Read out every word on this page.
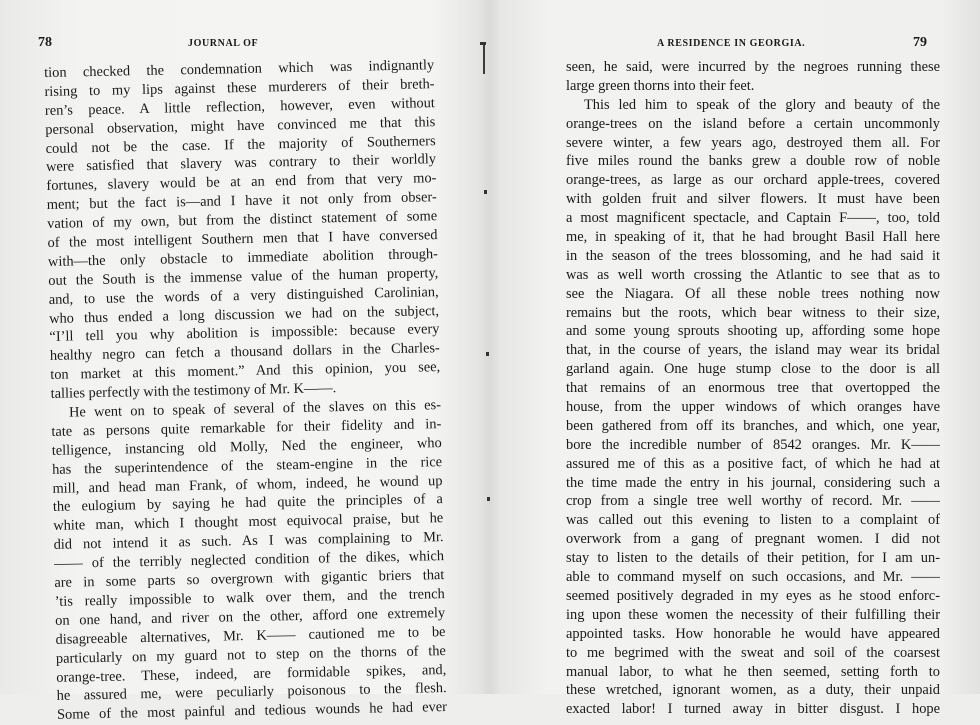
78	JOURNAL OF
tion checked the condemnation which was indignantly
rising to my lips against these murderers of their breth-
ren’s peace. A little reflection, however, even without
personal observation, might have convinced me that this
could not be the case. If the majority of Southerners
were satisfied that slavery was contrary to their worldly
fortunes, slavery would be at an end from that very mo-
ment; but the fact is—and I have it not only from obser-
vation of my own, but from the distinct statement of some
of the most intelligent Southern men that I have conversed
with—the only obstacle to immediate abolition through-
out the South is the immense value of the human property,
and, to use the words of a very distinguished Carolinian,
who thus ended a long discussion we had on the subject,
“I’ll tell you why abolition is impossible: because every
healthy negro can fetch a thousand dollars in the Charles-
ton market at this moment.” And this opinion, you see,
tallies perfectly with the testimony of Mr. K——.
He went on to speak of several of the slaves on this es-
tate as persons quite remarkable for their fidelity and in-
telligence, instancing old Molly, Ned the engineer, who
has the superintendence of the steam-engine in the rice
mill, and head man Frank, of whom, indeed, he wound up
the eulogium by saying he had quite the principles of a
white man, which I thought most equivocal praise, but he
did not intend it as such. As I was complaining to Mr.
—— of the terribly neglected condition of the dikes, which
are in some parts so overgrown with gigantic briers that
’tis really impossible to walk over them, and the trench
on one hand, and river on the other, afford one extremely
disagreeable alternatives, Mr. K—— cautioned me to be
particularly on my guard not to step on the thorns of the
orange-tree. These, indeed, are formidable spikes, and,
he assured me, were peculiarly poisonous to the flesh.
Some of the most painful and tedious wounds he had ever
A RESIDENCE IN GEORGIA.	79
seen, he said, were incurred by the negroes running these
large green thorns into their feet.
This led him to speak of the glory and beauty of the
orange-trees on the island before a certain uncommonly
severe winter, a few years ago, destroyed them all. For
five miles round the banks grew a double row of noble
orange-trees, as large as our orchard apple-trees, covered
with golden fruit and silver flowers. It must have been
a most magnificent spectacle, and Captain F——, too, told
me, in speaking of it, that he had brought Basil Hall here
in the season of the trees blossoming, and he had said it
was as well worth crossing the Atlantic to see that as to
see the Niagara. Of all these noble trees nothing now
remains but the roots, which bear witness to their size,
and some young sprouts shooting up, affording some hope
that, in the course of years, the island may wear its bridal
garland again. One huge stump close to the door is all
that remains of an enormous tree that overtopped the
house, from the upper windows of which oranges have
been gathered from off its branches, and which, one year,
bore the incredible number of 8542 oranges. Mr. K——
assured me of this as a positive fact, of which he had at
the time made the entry in his journal, considering such a
crop from a single tree well worthy of record. Mr. ——
was called out this evening to listen to a complaint of
overwork from a gang of pregnant women. I did not
stay to listen to the details of their petition, for I am un-
able to command myself on such occasions, and Mr. ——
seemed positively degraded in my eyes as he stood enforc-
ing upon these women the necessity of their fulfilling their
appointed tasks. How honorable he would have appeared
to me begrimed with the sweat and soil of the coarsest
manual labor, to what he then seemed, setting forth to
these wretched, ignorant women, as a duty, their unpaid
exacted labor! I turned away in bitter disgust. I hope
